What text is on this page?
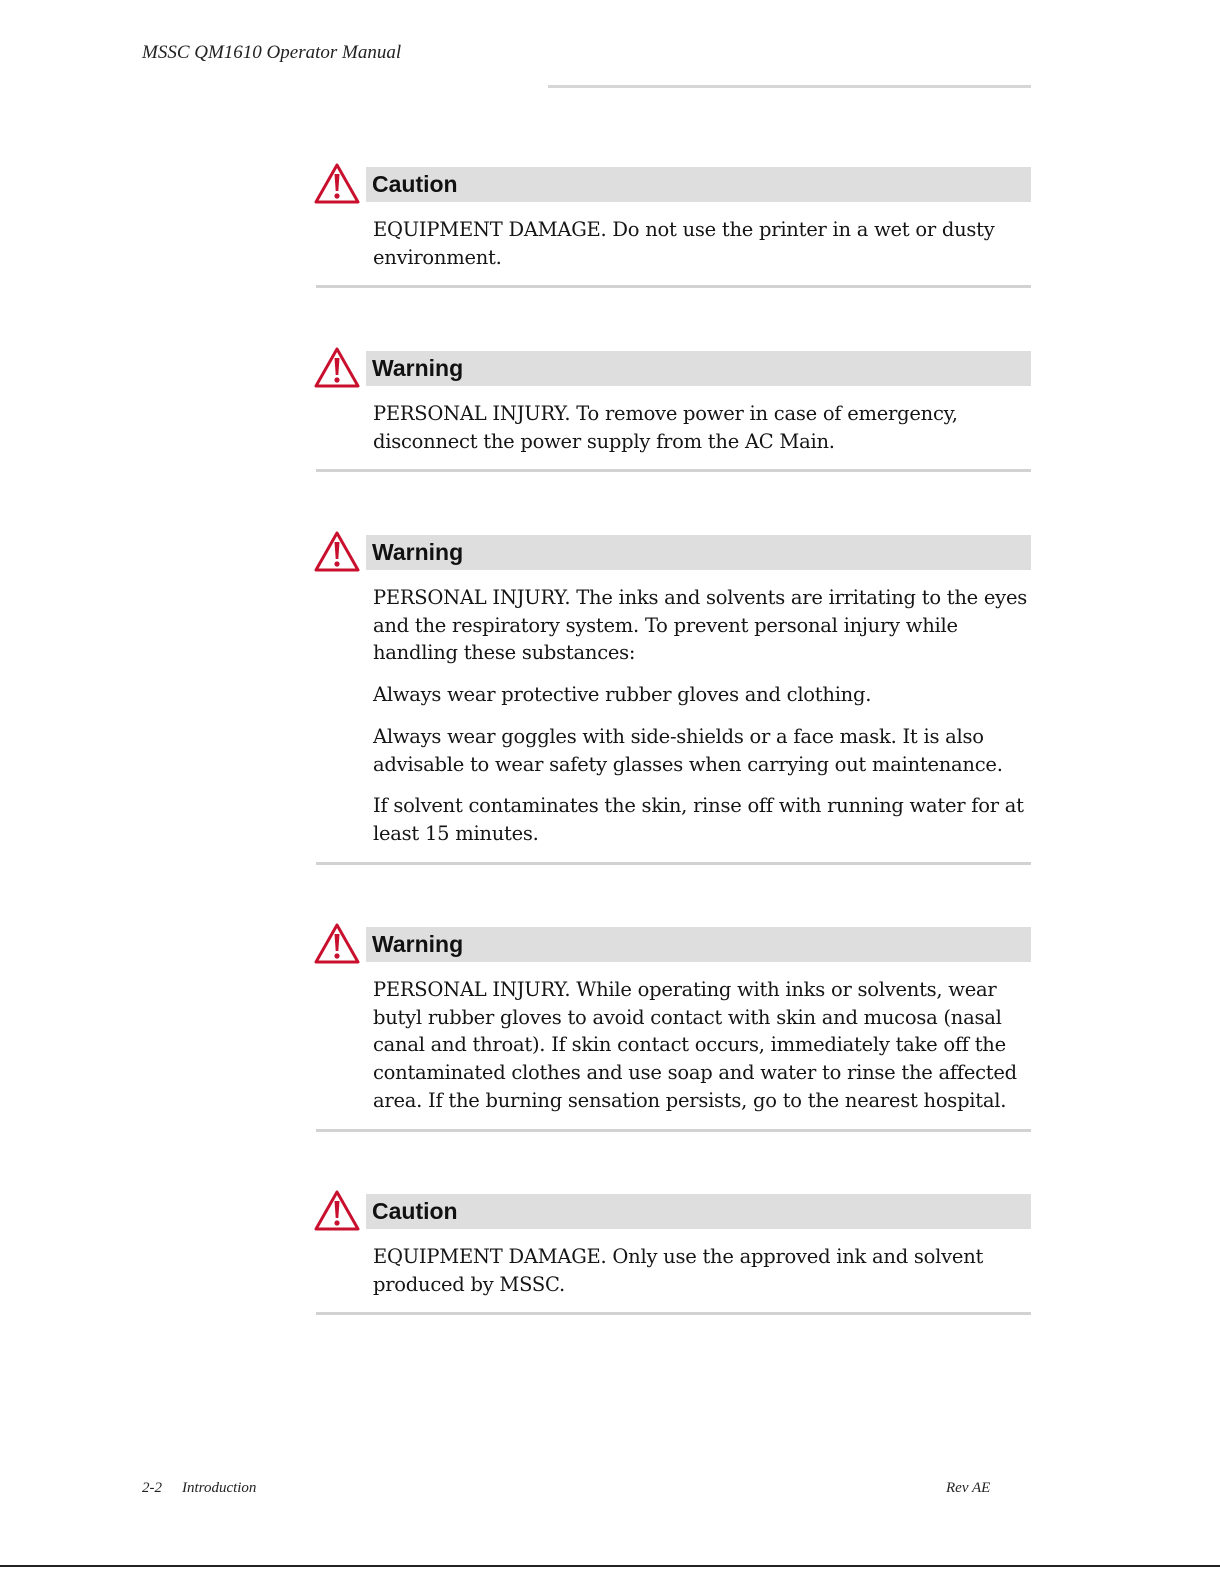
MSSC QM1610 Operator Manual
Caution

EQUIPMENT DAMAGE. Do not use the printer in a wet or dusty environment.

Warning

PERSONAL INJURY. To remove power in case of emergency, disconnect the power supply from the AC Main.

Warning

PERSONAL INJURY. The inks and solvents are irritating to the eyes and the respiratory system. To prevent personal injury while handling these substances:

Always wear protective rubber gloves and clothing.

Always wear goggles with side-shields or a face mask. It is also advisable to wear safety glasses when carrying out maintenance.

If solvent contaminates the skin, rinse off with running water for at least 15 minutes.

Warning

PERSONAL INJURY. While operating with inks or solvents, wear butyl rubber gloves to avoid contact with skin and mucosa (nasal canal and throat). If skin contact occurs, immediately take off the contaminated clothes and use soap and water to rinse the affected area. If the burning sensation persists, go to the nearest hospital.

Caution

EQUIPMENT DAMAGE. Only use the approved ink and solvent produced by MSSC.

2-2 Introduction	Rev AE
